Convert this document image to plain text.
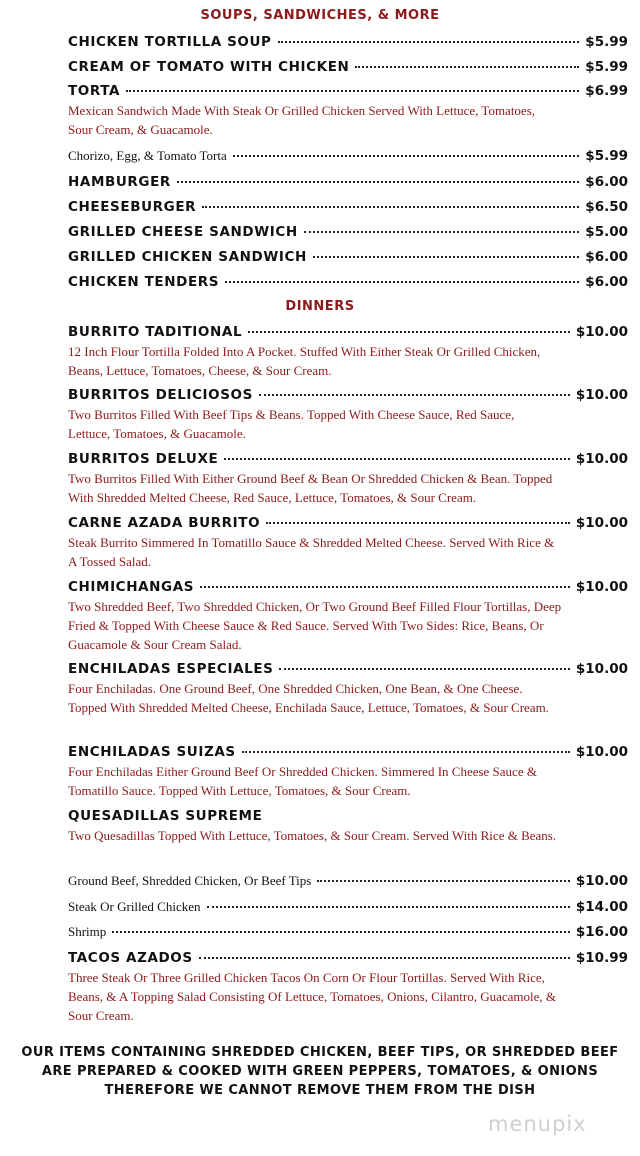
SOUPS, SANDWICHES, & MORE
CHICKEN TORTILLA SOUP	$5.99
CREAM OF TOMATO WITH CHICKEN	$5.99
TORTA	$6.99
Mexican Sandwich Made With Steak Or Grilled Chicken Served With Lettuce, Tomatoes, Sour Cream, & Guacamole.
Chorizo, Egg, & Tomato Torta	$5.99
HAMBURGER	$6.00
CHEESEBURGER	$6.50
GRILLED CHEESE SANDWICH	$5.00
GRILLED CHICKEN SANDWICH	$6.00
CHICKEN TENDERS	$6.00
DINNERS
BURRITO TADITIONAL	$10.00
12 Inch Flour Tortilla Folded Into A Pocket. Stuffed With Either Steak Or Grilled Chicken, Beans, Lettuce, Tomatoes, Cheese, & Sour Cream.
BURRITOS DELICIOSOS	$10.00
Two Burritos Filled With Beef Tips & Beans. Topped With Cheese Sauce, Red Sauce, Lettuce, Tomatoes, & Guacamole.
BURRITOS DELUXE	$10.00
Two Burritos Filled With Either Ground Beef & Bean Or Shredded Chicken & Bean. Topped With Shredded Melted Cheese, Red Sauce, Lettuce, Tomatoes, & Sour Cream.
CARNE AZADA BURRITO	$10.00
Steak Burrito Simmered In Tomatillo Sauce & Shredded Melted Cheese. Served With Rice & A Tossed Salad.
CHIMICHANGAS	$10.00
Two Shredded Beef, Two Shredded Chicken, Or Two Ground Beef Filled Flour Tortillas, Deep Fried & Topped With Cheese Sauce & Red Sauce. Served With Two Sides: Rice, Beans, Or Guacamole & Sour Cream Salad.
ENCHILADAS ESPECIALES	$10.00
Four Enchiladas. One Ground Beef, One Shredded Chicken, One Bean, & One Cheese. Topped With Shredded Melted Cheese, Enchilada Sauce, Lettuce, Tomatoes, & Sour Cream.
ENCHILADAS SUIZAS	$10.00
Four Enchiladas Either Ground Beef Or Shredded Chicken. Simmered In Cheese Sauce & Tomatillo Sauce. Topped With Lettuce, Tomatoes, & Sour Cream.
QUESADILLAS SUPREME
Two Quesadillas Topped With Lettuce, Tomatoes, & Sour Cream. Served With Rice & Beans.
Ground Beef, Shredded Chicken, Or Beef Tips	$10.00
Steak Or Grilled Chicken	$14.00
Shrimp	$16.00
TACOS AZADOS	$10.99
Three Steak Or Three Grilled Chicken Tacos On Corn Or Flour Tortillas. Served With Rice, Beans, & A Topping Salad Consisting Of Lettuce, Tomatoes, Onions, Cilantro, Guacamole, & Sour Cream.
OUR ITEMS CONTAINING SHREDDED CHICKEN, BEEF TIPS, OR SHREDDED BEEF ARE PREPARED & COOKED WITH GREEN PEPPERS, TOMATOES, & ONIONS THEREFORE WE CANNOT REMOVE THEM FROM THE DISH
menupix
